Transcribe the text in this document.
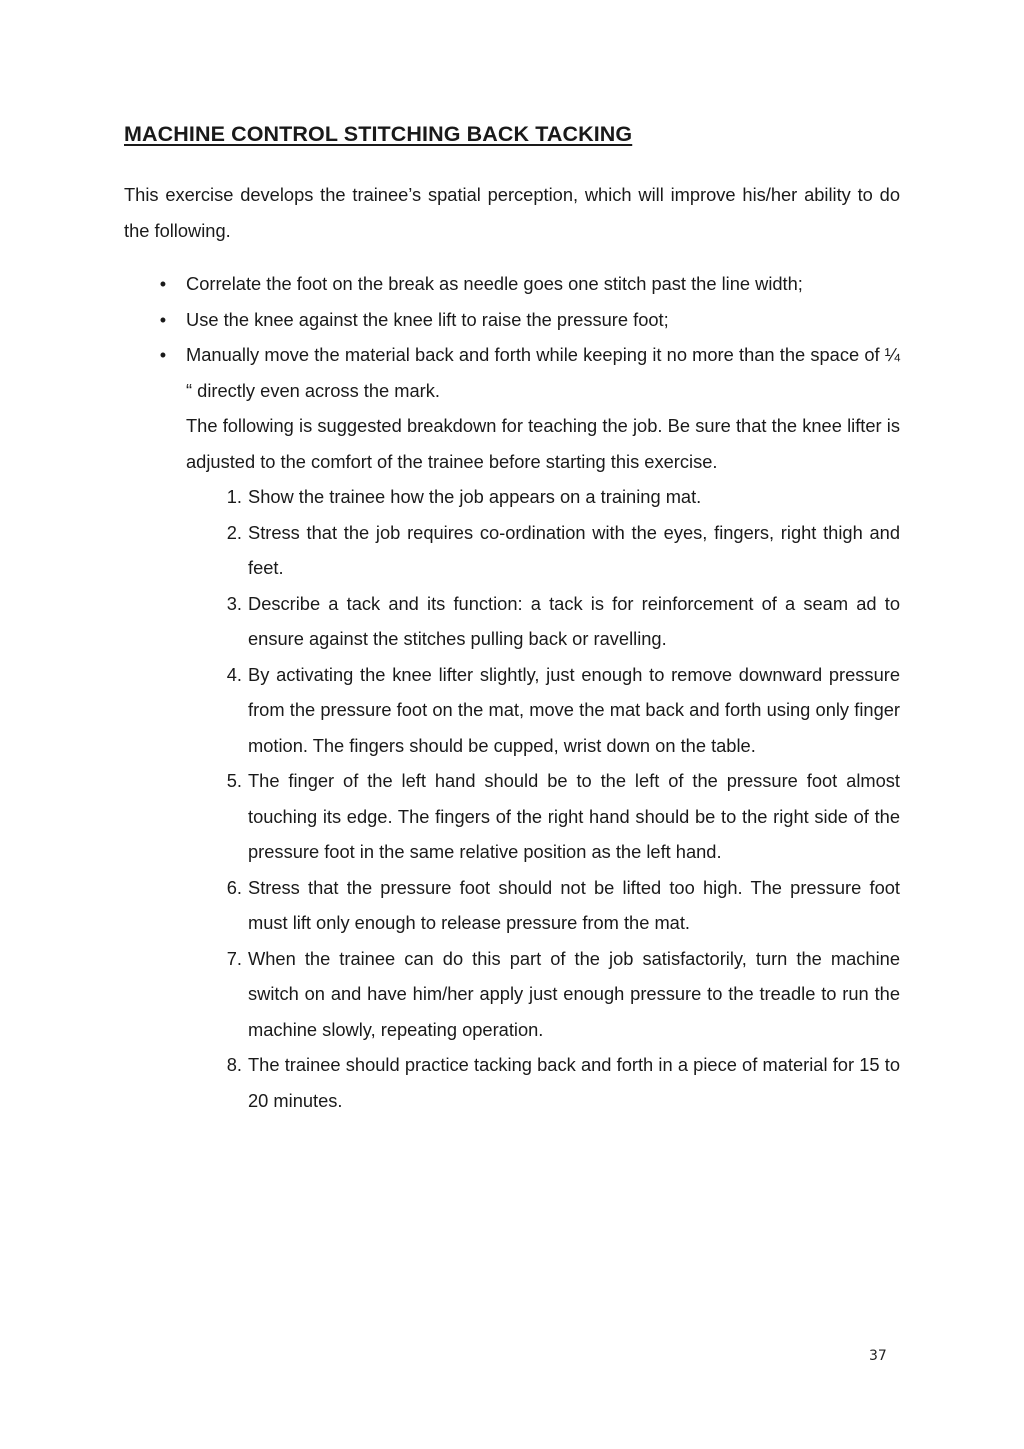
MACHINE CONTROL STITCHING BACK TACKING

This exercise develops the trainee’s spatial perception, which will improve his/her ability to do the following.

•	Correlate the foot on the break as needle goes one stitch past the line width;
•	Use the knee against the knee lift to raise the pressure foot;
•	Manually move the material back and forth while keeping it no more than the space of ¼ “ directly even across the mark.
The following is suggested breakdown for teaching the job. Be sure that the knee lifter is adjusted to the comfort of the trainee before starting this exercise.
1. Show the trainee how the job appears on a training mat.
2. Stress that the job requires co-ordination with the eyes, fingers, right thigh and feet.
3. Describe a tack and its function: a tack is for reinforcement of a seam ad to ensure against the stitches pulling back or ravelling.
4. By activating the knee lifter slightly, just enough to remove downward pressure from the pressure foot on the mat, move the mat back and forth using only finger motion. The fingers should be cupped, wrist down on the table.
5. The finger of the left hand should be to the left of the pressure foot almost touching its edge. The fingers of the right hand should be to the right side of the pressure foot in the same relative position as the left hand.
6. Stress that the pressure foot should not be lifted too high. The pressure foot must lift only enough to release pressure from the mat.
7. When the trainee can do this part of the job satisfactorily, turn the machine switch on and have him/her apply just enough pressure to the treadle to run the machine slowly, repeating operation.
8. The trainee should practice tacking back and forth in a piece of material for 15 to 20 minutes.
37
